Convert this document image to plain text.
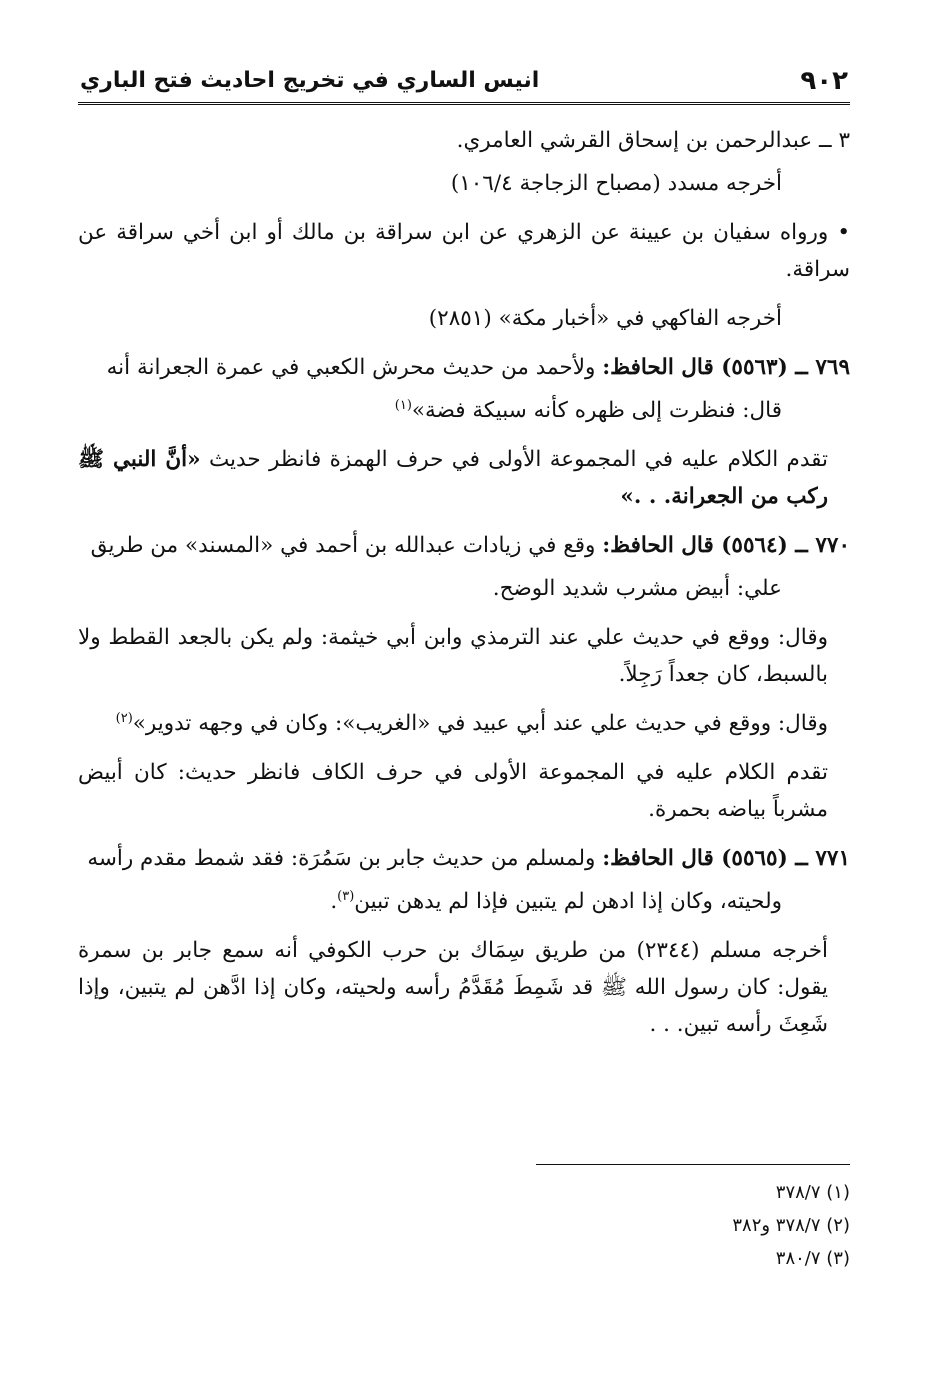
٩٠٢
انيس الساري في تخريج احاديث فتح الباري

٣ ــ عبدالرحمن بن إسحاق القرشي العامري.

أخرجه مسدد (مصباح الزجاجة ١٠٦/٤)

• ورواه سفيان بن عيينة عن الزهري عن ابن سراقة بن مالك أو ابن أخي سراقة عن سراقة.

أخرجه الفاكهي في «أخبار مكة» (٢٨٥١)

٧٦٩ ــ (٥٥٦٣) قال الحافظ: ولأحمد من حديث محرش الكعبي في عمرة الجعرانة أنه

قال: فنظرت إلى ظهره كأنه سبيكة فضة»$^{(١)}$

تقدم الكلام عليه في المجموعة الأولى في حرف الهمزة فانظر حديث «أنَّ النبي ﷺ ركب من الجعرانة. . .»

٧٧٠ ــ (٥٥٦٤) قال الحافظ: وقع في زيادات عبدالله بن أحمد في «المسند» من طريق

علي: أبيض مشرب شديد الوضح.

وقال: ووقع في حديث علي عند الترمذي وابن أبي خيثمة: ولم يكن بالجعد القطط ولا بالسبط، كان جعداً رَجِلاً.

وقال: ووقع في حديث علي عند أبي عبيد في «الغريب»: وكان في وجهه تدوير»$^{(٢)}$

تقدم الكلام عليه في المجموعة الأولى في حرف الكاف فانظر حديث: كان أبيض مشرباً بياضه بحمرة.

٧٧١ ــ (٥٥٦٥) قال الحافظ: ولمسلم من حديث جابر بن سَمُرَة: فقد شمط مقدم رأسه

ولحيته، وكان إذا ادهن لم يتبين فإذا لم يدهن تبين$^{(٣)}$.

أخرجه مسلم (٢٣٤٤) من طريق سِمَاك بن حرب الكوفي أنه سمع جابر بن سمرة يقول: كان رسول الله ﷺ قد شَمِطَ مُقَدَّمُ رأسه ولحيته، وكان إذا ادَّهن لم يتبين، وإذا شَعِثَ رأسه تبين. . .

(١) ٣٧٨/٧
(٢) ٣٧٨/٧ و٣٨٢
(٣) ٣٨٠/٧
